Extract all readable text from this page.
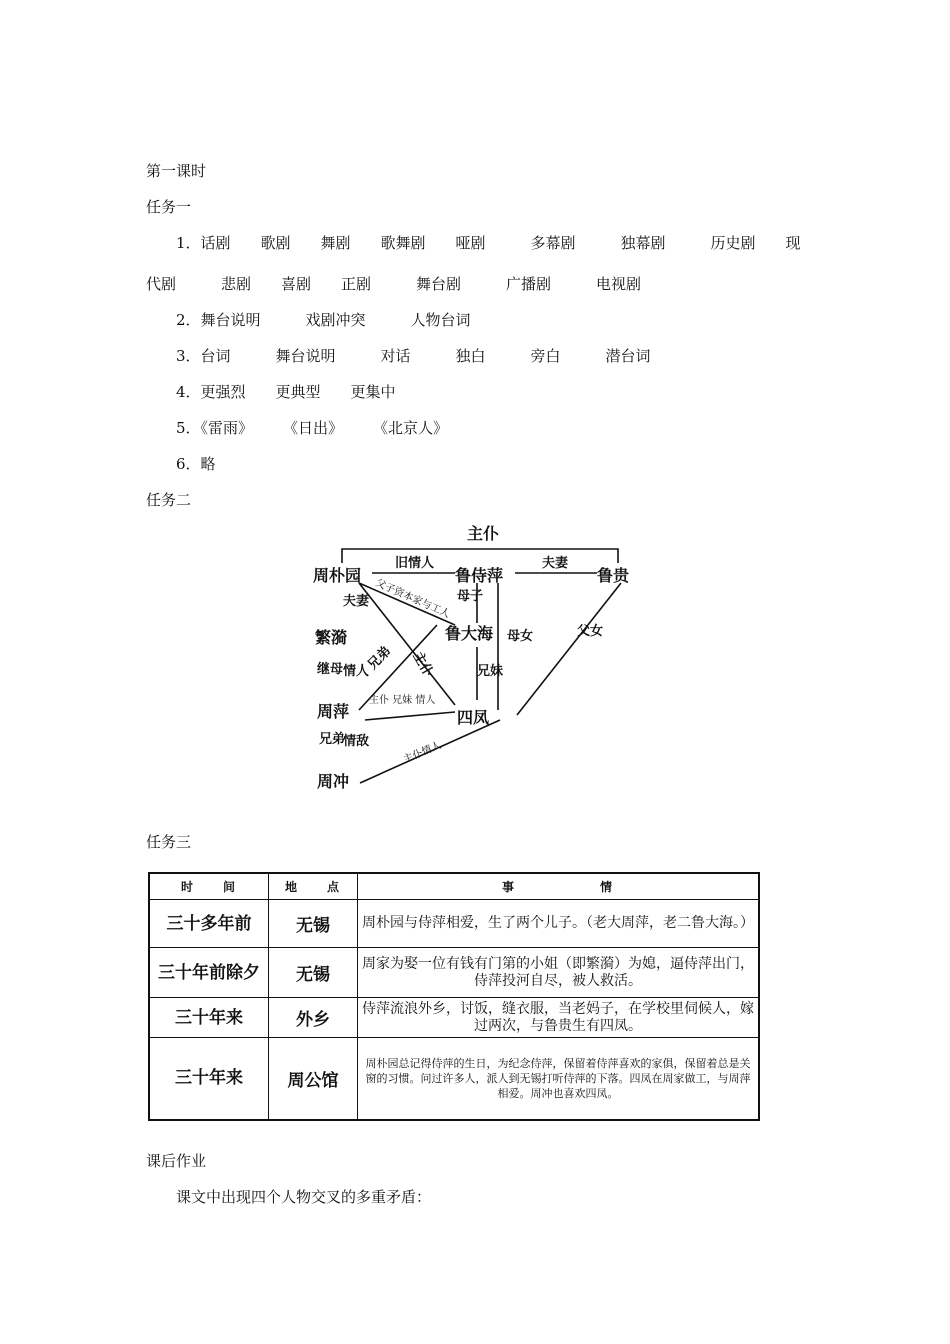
第一课时
任务一
1．话剧　　歌剧　　舞剧　　歌舞剧　　哑剧　　　多幕剧　　　独幕剧　　　历史剧　　现
代剧　　　悲剧　　喜剧　　正剧　　　舞台剧　　　广播剧　　　电视剧
2．舞台说明　　　戏剧冲突　　　人物台词
3．台词　　　舞台说明　　　对话　　　独白　　　旁白　　　潜台词
4．更强烈　　更典型　　更集中
5．《雷雨》　　　《日出》　　　《北京人》
6．略
任务二
主仆
周朴园	鲁侍萍	鲁贵
繁漪	鲁大海
周萍	四凤
周冲
旧情人	夫妻
母子
母女	父女
夫妻
继母 情人
兄弟
情敌
兄妹
父子资本家与工人
兄弟 主仆
主仆 兄妹 情人
主仆情人
任务三
时　　间	地　　点	事　　　　　　情
三十多年前	无锡	周朴园与侍萍相爱，生了两个儿子。（老大周萍，老二鲁大海。）
三十年前除夕	无锡	周家为娶一位有钱有门第的小姐（即繁漪）为媳，逼侍萍出门，侍萍投河自尽，被人救活。
三十年来	外乡	侍萍流浪外乡，讨饭，缝衣服，当老妈子，在学校里伺候人，嫁过两次，与鲁贵生有四凤。
三十年来	周公馆	周朴园总记得侍萍的生日，为纪念侍萍，保留着侍萍喜欢的家俱，保留着总是关窗的习惯。问过许多人，派人到无锡打听侍萍的下落。四凤在周家做工，与周萍相爱。周冲也喜欢四凤。
课后作业
课文中出现四个人物交叉的多重矛盾：
